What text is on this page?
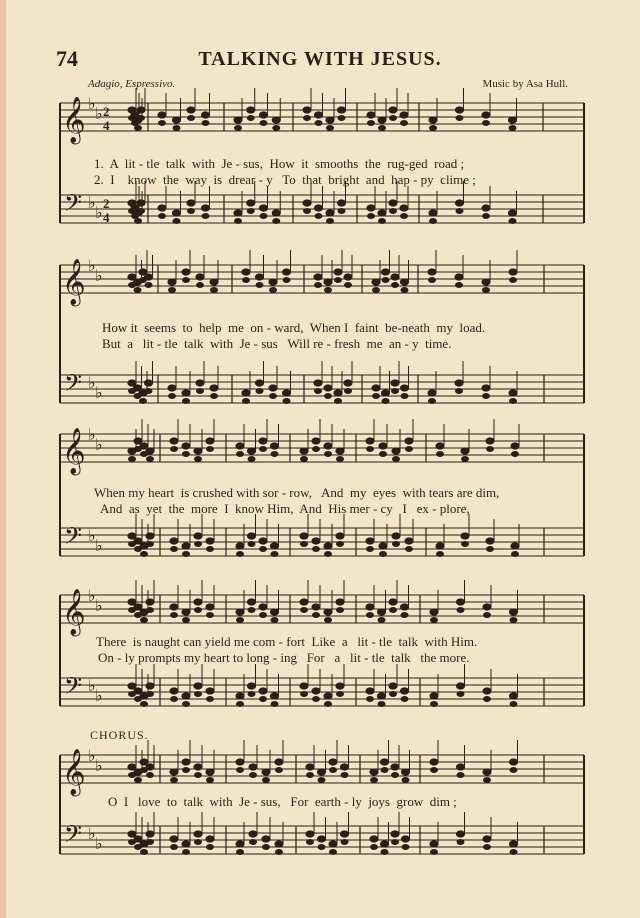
74	TALKING WITH JESUS.
Adagio, Espressivo.	Music by Asa Hull.
𝄞
𝄢
♭
♭
♭
♭
2
4
2
4
𝄞
𝄢
♭
♭
♭
♭
𝄞
𝄢
♭
♭
♭
♭
𝄞
𝄢
♭
♭
♭
♭
𝄞
𝄢
♭
♭
♭
♭
1.  A  lit - tle  talk  with  Je - sus,  How  it  smooths  the  rug-ged  road ;
2.  I    know  the  way  is  drear - y   To  that  bright  and  hap - py  clime ;
How it  seems  to  help  me  on - ward,  When I  faint  be-neath  my  load.
But  a   lit - tle  talk  with  Je - sus   Will re - fresh  me  an - y  time.
When my heart  is crushed with sor - row,   And  my  eyes  with tears are dim,
And  as  yet  the  more  I  know Him,  And  His mer - cy   I   ex - plore,
There  is naught can yield me com - fort  Like  a   lit - tle  talk  with Him.
On - ly prompts my heart to long - ing   For   a   lit - tle  talk   the more.
CHORUS.
O  I   love  to  talk  with  Je - sus,   For  earth - ly  joys  grow  dim ;
